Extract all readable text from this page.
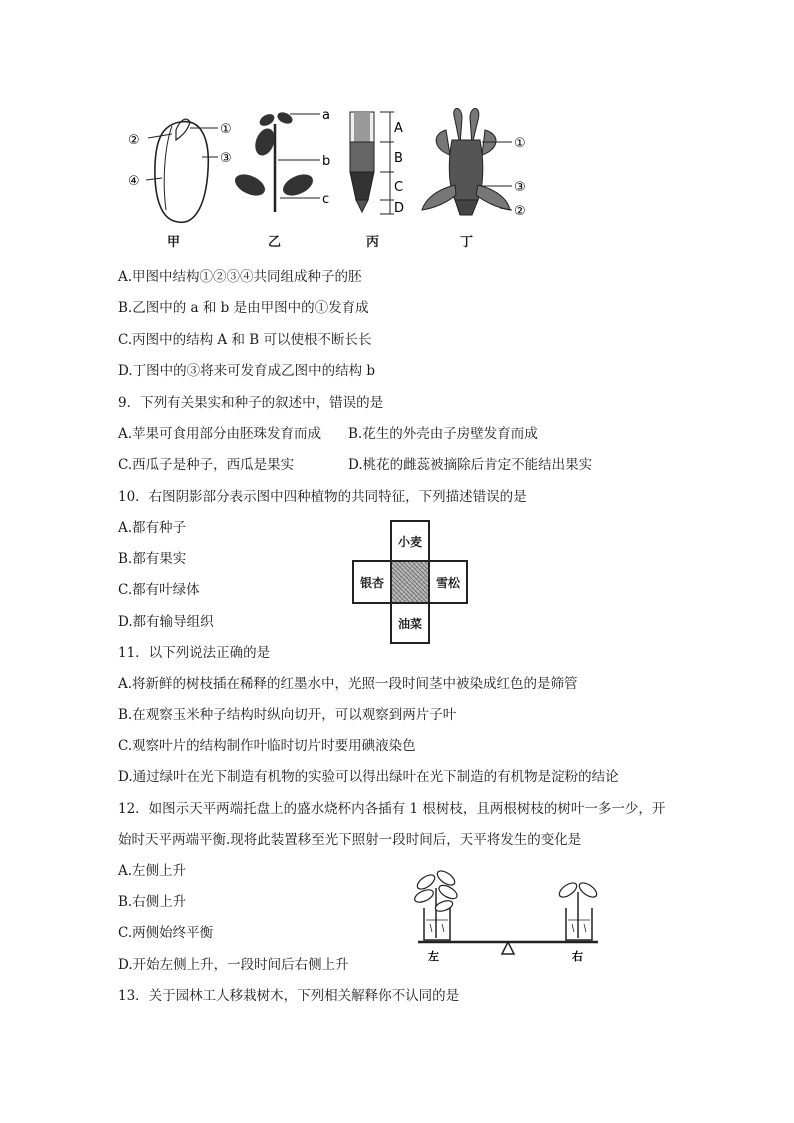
②
①
③
④
a
b
c
A
B
C
D
①
③
②
甲	乙	丙	丁
A.甲图中结构①②③④共同组成种子的胚
B.乙图中的 a 和 b 是由甲图中的①发育成
C.丙图中的结构 A 和 B 可以使根不断长长
D.丁图中的③将来可发育成乙图中的结构 b
9．下列有关果实和种子的叙述中，错误的是
A.苹果可食用部分由胚珠发育而成 B.花生的外壳由子房壁发育而成
C.西瓜子是种子，西瓜是果实	D.桃花的雌蕊被摘除后肯定不能结出果实
10．右图阴影部分表示图中四种植物的共同特征，下列描述错误的是
A.都有种子
B.都有果实
C.都有叶绿体
D.都有输导组织
小麦
银杏	雪松
油菜
11．以下列说法正确的是
A.将新鲜的树枝插在稀释的红墨水中，光照一段时间茎中被染成红色的是筛管
B.在观察玉米种子结构时纵向切开，可以观察到两片子叶
C.观察叶片的结构制作叶临时切片时要用碘液染色
D.通过绿叶在光下制造有机物的实验可以得出绿叶在光下制造的有机物是淀粉的结论
12．如图示天平两端托盘上的盛水烧杯内各插有 1 根树枝，且两根树枝的树叶一多一少，开
始时天平两端平衡.现将此装置移至光下照射一段时间后，天平将发生的变化是
A.左侧上升
B.右侧上升
C.两侧始终平衡
D.开始左侧上升，一段时间后右侧上升
左	右
13．关于园林工人移栽树木，下列相关解释你不认同的是
